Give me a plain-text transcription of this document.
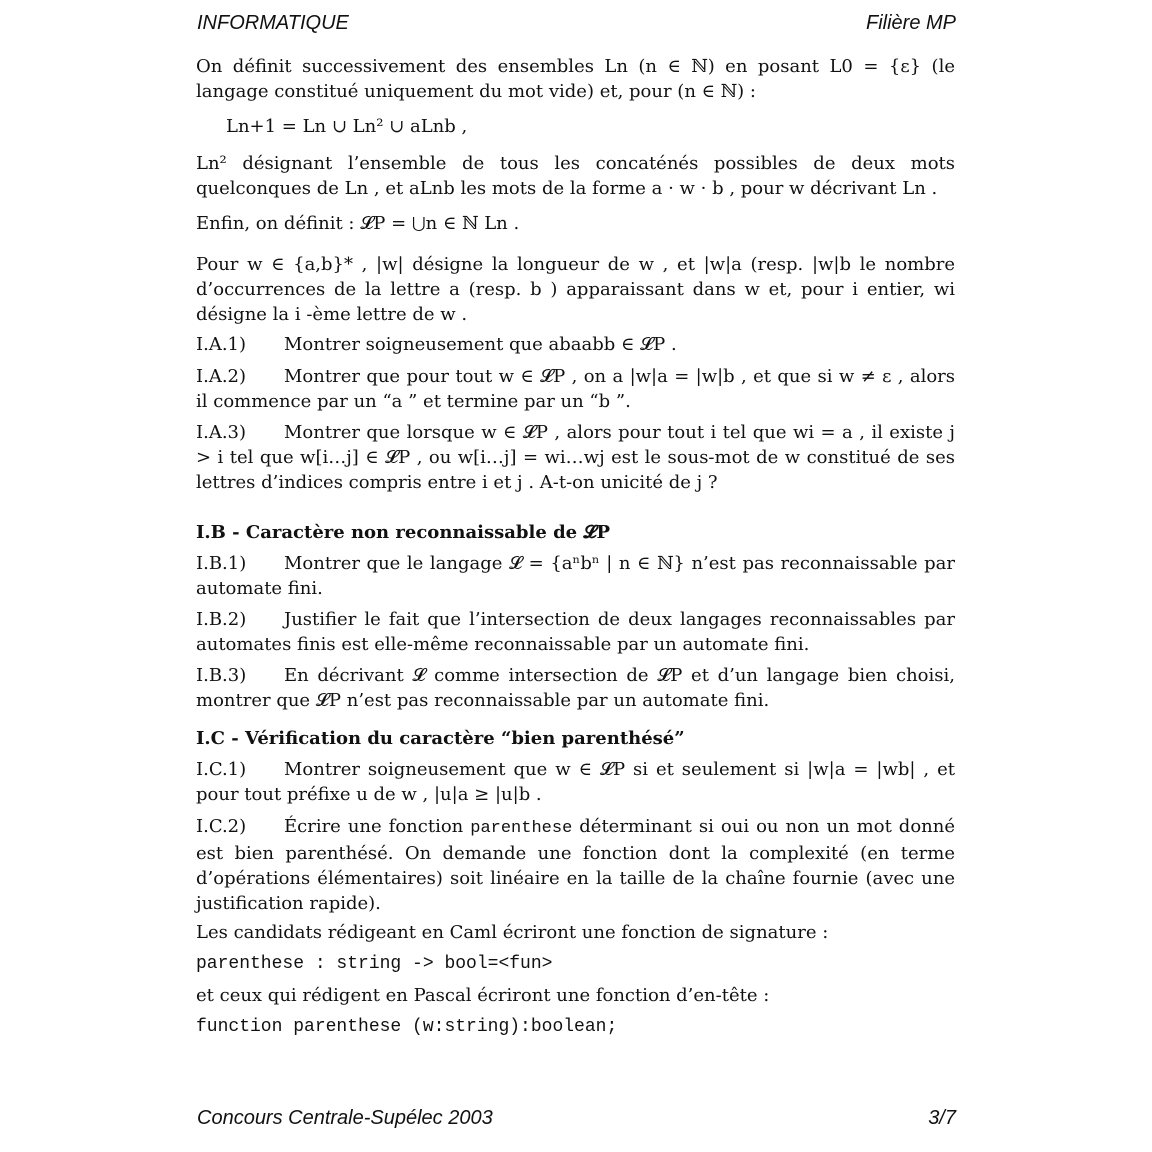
INFORMATIQUE	Filière MP
On définit successivement des ensembles Ln (n ∈ ℕ) en posant L0 = {ε} (le langage constitué uniquement du mot vide) et, pour (n ∈ ℕ) :
Ln+1 = Ln ∪ Ln² ∪ aLnb ,
Ln² désignant l’ensemble de tous les concaténés possibles de deux mots quelconques de Ln , et aLnb les mots de la forme a · w · b , pour w décrivant Ln .
Enfin, on définit : 𝓛P = ⋃n ∈ ℕ Ln .
Pour w ∈ {a,b}* , |w| désigne la longueur de w , et |w|a (resp. |w|b le nombre d’occurrences de la lettre a (resp. b ) apparaissant dans w et, pour i entier, wi désigne la i -ème lettre de w .
I.A.1) Montrer soigneusement que abaabb ∈ 𝓛P .
I.A.2) Montrer que pour tout w ∈ 𝓛P , on a |w|a = |w|b , et que si w ≠ ε , alors il commence par un “a ” et termine par un “b ”.
I.A.3) Montrer que lorsque w ∈ 𝓛P , alors pour tout i tel que wi = a , il existe j > i tel que w[i…j] ∈ 𝓛P , ou w[i…j] = wi…wj est le sous-mot de w constitué de ses lettres d’indices compris entre i et j . A-t-on unicité de j ?
I.B - Caractère non reconnaissable de 𝓛P
I.B.1) Montrer que le langage 𝓛 = {aⁿbⁿ | n ∈ ℕ} n’est pas reconnaissable par automate fini.
I.B.2) Justifier le fait que l’intersection de deux langages reconnaissables par automates finis est elle-même reconnaissable par un automate fini.
I.B.3) En décrivant 𝓛 comme intersection de 𝓛P et d’un langage bien choisi, montrer que 𝓛P n’est pas reconnaissable par un automate fini.
I.C - Vérification du caractère “bien parenthésé”
I.C.1) Montrer soigneusement que w ∈ 𝓛P si et seulement si |w|a = |wb| , et pour tout préfixe u de w , |u|a ≥ |u|b .
I.C.2) Écrire une fonction parenthese déterminant si oui ou non un mot donné est bien parenthésé. On demande une fonction dont la complexité (en terme d’opérations élémentaires) soit linéaire en la taille de la chaîne fournie (avec une justification rapide).
Les candidats rédigeant en Caml écriront une fonction de signature :
parenthese : string -> bool=<fun>
et ceux qui rédigent en Pascal écriront une fonction d’en-tête :
function parenthese (w:string):boolean;
Concours Centrale-Supélec 2003	3/7
